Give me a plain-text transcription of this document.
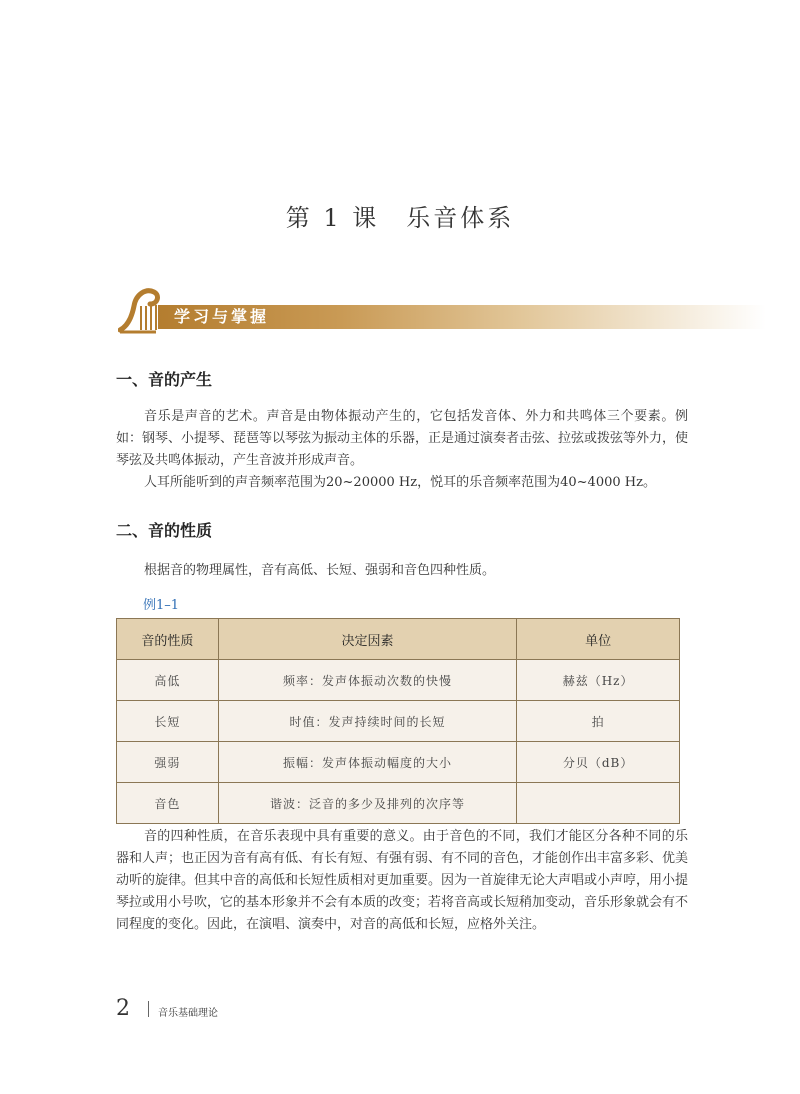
第 1 课　乐音体系
学习与掌握
一、音的产生

音乐是声音的艺术。声音是由物体振动产生的，它包括发音体、外力和共鸣体三个要素。例如：钢琴、小提琴、琵琶等以琴弦为振动主体的乐器，正是通过演奏者击弦、拉弦或拨弦等外力，使琴弦及共鸣体振动，产生音波并形成声音。

人耳所能听到的声音频率范围为20~20000 Hz，悦耳的乐音频率范围为40~4000 Hz。

二、音的性质

根据音的物理属性，音有高低、长短、强弱和音色四种性质。

例1–1
音的性质	决定因素	单位
高低	频率：发声体振动次数的快慢	赫兹（Hz）
长短	时值：发声持续时间的长短	拍
强弱	振幅：发声体振动幅度的大小	分贝（dB）
音色	谐波：泛音的多少及排列的次序等	

音的四种性质，在音乐表现中具有重要的意义。由于音色的不同，我们才能区分各种不同的乐器和人声；也正因为音有高有低、有长有短、有强有弱、有不同的音色，才能创作出丰富多彩、优美动听的旋律。但其中音的高低和长短性质相对更加重要。因为一首旋律无论大声唱或小声哼，用小提琴拉或用小号吹，它的基本形象并不会有本质的改变；若将音高或长短稍加变动，音乐形象就会有不同程度的变化。因此，在演唱、演奏中，对音的高低和长短，应格外关注。

2	音乐基础理论
